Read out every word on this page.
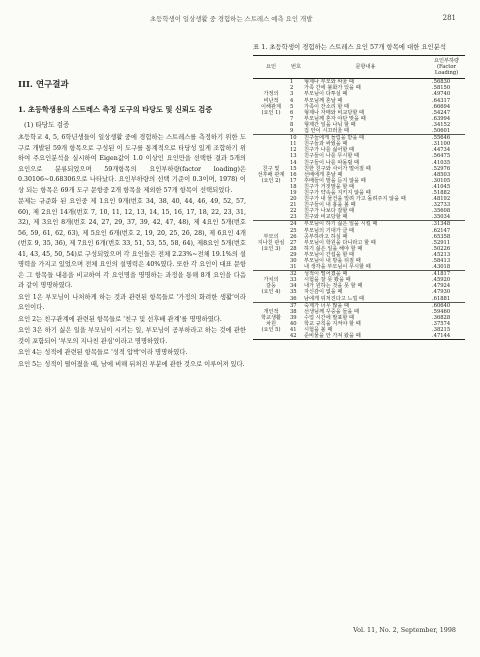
초등학생이 일상생활 중 경험하는 스트레스 예측 요인 개발	281
III. 연구결과
1. 초등학생용의 스트레스 측정 도구의 타당도 및 신뢰도 검증
(1) 타당도 검증

초등학교 4, 5, 6학년생들이 일상생활 중에 경험하는 스트레스를 측정하기 위한 도구로 개발된 59개 항목으로 구성된 이 도구를 통계적으로 타당성 있게 조합하기 위하여 주요인분석을 실시하여 Eigen값이 1.0 이상인 요인만을 선택한 결과 5개의 요인으로 분류되었으며 59개항목의 요인부하량(factor loading)은 0.30106~0.68306으로 나타났다. 요인부하량의 선택 기준이 0.3이며, 1978) 이상 되는 항목은 69개 도구 문항중 2개 항목을 제외한 57개 항목이 선택되었다.

문제는 규준화 된 요인중 제 1요인 9개(번호 34, 38, 40, 44, 46, 49, 52, 57, 60), 제 2요인 14개(번호 7, 10, 11, 12, 13, 14, 15, 16, 17, 18, 22, 23, 31, 32), 제 3요인 8개(번호 24, 27, 29, 37, 39, 42, 47, 48), 제 4요인 5개(번호 56, 59, 61, 62, 63), 제 5요인 6개(번호 2, 19, 20, 25, 26, 28), 제 6요인 4개(번호 9, 35, 36), 제 7요인 6개(번호 33, 51, 53, 55, 58, 64), 제8요인 5개(번호 41, 43, 45, 50, 54)로 구성되었으며 각 요인들은 전체 2.23%~전체 19.1%의 설명력을 가지고 있었으며 전체 요인의 설명력은 40%였다. 또한 각 요인이 대표 문항은 그 항목들 내용을 비교하여 각 요인명을 명명하는 과정을 통해 8개 요인을 다음과 같이 명명하였다.

요인 1은 부모님이 나처하게 하는 것과 관련된 항목들로 '가정의 화려한 생활'이라 요인이다.

요인 2는 친구관계에 관련된 항목들로 '친구 및 선후배 관계'를 명명하였다.

요인 3은 하기 싫은 일을 부모님이 시키는 일, 부모님이 공부하라고 하는 것에 관한 것이 포함되어 '부모의 지나친 관심'이라고 명명하였다.

요인 4는 성적에 관련된 항목들로 '성적 압박'이라 명명하였다.

요인 5는 성적이 떨어졌을 때, 남에 비해 뒤처진 부분에 관한 것으로 이루어져 있다.

표 1. 초등학생이 경험하는 스트레스 요인 57개 항목에 대한 요인분석
요인	번호	문항내용	요인부하량 (Factor Loading)
	1	형제나 부모와 싸울 때	.56830
	2	가족 간에 불화가 있을 때	.58150
가정의	3	부모님이 다투실 때	.49740
비난적	4	부모님께 혼날 때	.64317
이해관계	5	가족이 잔소리 할 때	.66694
(요인 1)	6	형제나 자매와 비교당할 때	.54247
	7	부모님께 혼자 야단 맞을 때	.63994
	8	형제간 일을 나눠 할 때	.34152
	9	집 안이 시끄러울 때	.50601
	10	친구들에게 놀림을 받을 때	.55646
	11	친구들과 싸웠을 때	.31100
	12	친구가 나를 싫어할 때	.44734
	13	친구들이 나를 무시할 때	.56475
	14	친구들이 나를 따돌릴 때	.41035
친구 및	15	친한 친구와 사이가 멀어질 때	.52976
선후배 관계	16	선배에게 혼날 때	.48503
(요인 2)	17	후배들이 말을 듣지 않을 때	.30105
	18	친구가 거짓말을 할 때	.41045
	19	친구가 약속을 지키지 않을 때	.51882
	20	친구가 내 물건을 빌려 가고 돌려주지 않을 때	.48192
	21	친구들이 내 흉을 볼 때	.32733
	22	친구가 나보다 잘할 때	.35608
	23	친구와 비교당할 때	.35034
	24	부모님이 하기 싫은 일을 시킬 때	.31348
	25	부모님의 기대가 클 때	.62147
부모의	26	공부하라고 하실 때	.65358
지나친 관심	27	부모님이 학원을 다니라고 할 때	.52911
(요인 3)	28	하기 싫은 일을 해야 할 때	.50226
	29	부모님이 간섭을 할 때	.45213
	30	부모님이 내 방을 뒤질 때	.58413
	31	내 생각을 부모님이 무시할 때	.43018
	32	성적이 떨어졌을 때	.41817
가치의	33	시험을 잘 못 봤을 때	.45920
갈등	34	내가 원하는 것을 못 할 때	.47924
(요인 4)	35	자신감이 없을 때	.47930
	36	남에게 뒤처진다고 느낄 때	.61881
	37	숙제가 너무 많을 때	.60640
개인적	38	선생님께 꾸중을 들을 때	.59460
학교생활	39	수업 시간에 발표할 때	.36828
차원	40	학교 규칙을 지켜야 할 때	.37574
(요인 5)	41	시험을 볼 때	.38215
	42	준비물을 안 가져 왔을 때	.47144
Vol. 11, No. 2, September, 1998
